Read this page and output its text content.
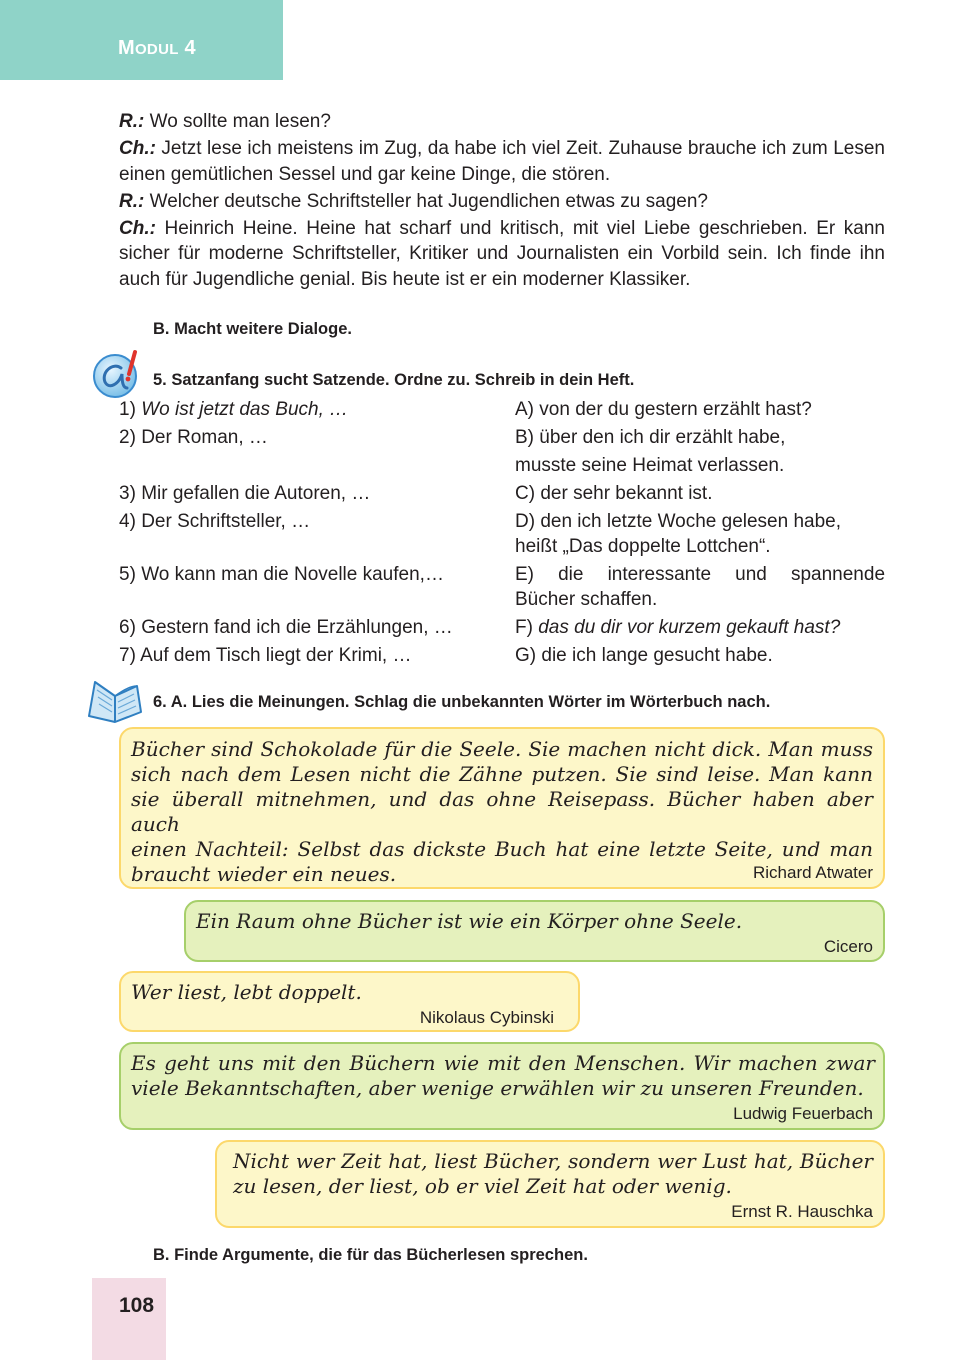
MODUL 4

R.: Wo sollte man lesen?

Ch.: Jetzt lese ich meistens im Zug, da habe ich viel Zeit. Zuhause brauche ich zum Lesen einen gemütlichen Sessel und gar keine Dinge, die stören.

R.: Welcher deutsche Schriftsteller hat Jugendlichen etwas zu sagen?

Ch.: Heinrich Heine. Heine hat scharf und kritisch, mit viel Liebe geschrieben. Er kann sicher für moderne Schriftsteller, Kritiker und Journalisten ein Vorbild sein. Ich finde ihn auch für Jugendliche genial. Bis heute ist er ein moderner Klassiker.

B. Macht weitere Dialoge.
5. Satzanfang sucht Satzende. Ordne zu. Schreib in dein Heft.
1) Wo ist jetzt das Buch, …
2) Der Roman, …
3) Mir gefallen die Autoren, …
4) Der Schriftsteller, …
5) Wo kann man die Novelle kaufen,…
6) Gestern fand ich die Erzählungen, …
7) Auf dem Tisch liegt der Krimi, …
A) von der du gestern erzählt hast?
B) über den ich dir erzählt habe,
musste seine Heimat verlassen.
C) der sehr bekannt ist.
D) den ich letzte Woche gelesen habe,
heißt „Das doppelte Lottchen“.
E) die interessante und spannende
Bücher schaffen.
F) das du dir vor kurzem gekauft hast?
G) die ich lange gesucht habe.
6. A. Lies die Meinungen. Schlag die unbekannten Wörter im Wörterbuch nach.
Bücher sind Schokolade für die Seele. Sie machen nicht dick. Man muss
sich nach dem Lesen nicht die Zähne putzen. Sie sind leise. Man kann
sie überall mitnehmen, und das ohne Reisepass. Bücher haben aber auch
einen Nachteil: Selbst das dickste Buch hat eine letzte Seite, und man
braucht wieder ein neues.	Richard Atwater
Ein Raum ohne Bücher ist wie ein Körper ohne Seele.
Cicero
Wer liest, lebt doppelt.
Nikolaus Cybinski
Es geht uns mit den Büchern wie mit den Menschen. Wir machen zwar
viele Bekanntschaften, aber wenige erwählen wir zu unseren Freunden.
Ludwig Feuerbach
Nicht wer Zeit hat, liest Bücher, sondern wer Lust hat, Bücher
zu lesen, der liest, ob er viel Zeit hat oder wenig.
Ernst R. Hauschka
B. Finde Argumente, die für das Bücherlesen sprechen.
108
